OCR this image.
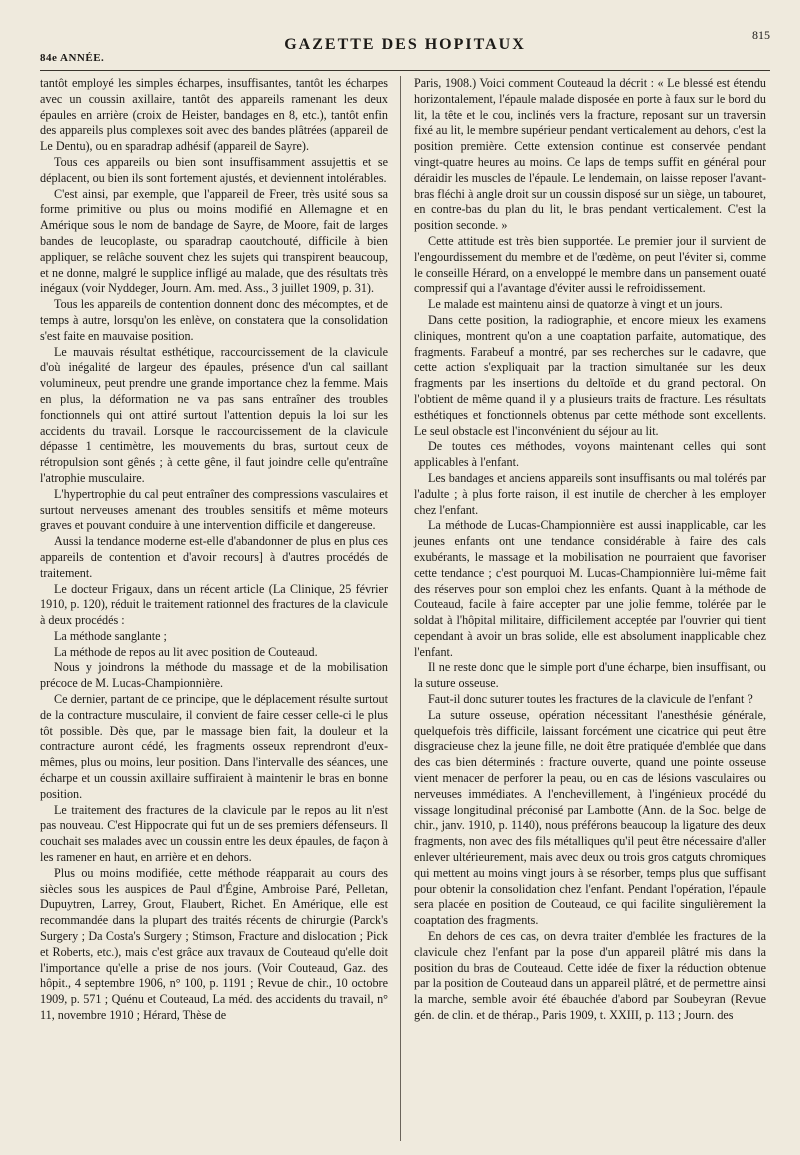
84e ANNÉE.
GAZETTE DES HOPITAUX
815

tantôt employé les simples écharpes, insuffisantes, tantôt les écharpes avec un coussin axillaire, tantôt des appareils ramenant les deux épaules en arrière (croix de Heister, bandages en 8, etc.), tantôt enfin des appareils plus complexes soit avec des bandes plâtrées (appareil de Le Dentu), ou en sparadrap adhésif (appareil de Sayre).

Tous ces appareils ou bien sont insuffisamment assujettis et se déplacent, ou bien ils sont fortement ajustés, et deviennent intolérables.

C'est ainsi, par exemple, que l'appareil de Freer, très usité sous sa forme primitive ou plus ou moins modifié en Allemagne et en Amérique sous le nom de bandage de Sayre, de Moore, fait de larges bandes de leucoplaste, ou sparadrap caoutchouté, difficile à bien appliquer, se relâche souvent chez les sujets qui transpirent beaucoup, et ne donne, malgré le supplice infligé au malade, que des résultats très inégaux (voir Nyddeger, Journ. Am. med. Ass., 3 juillet 1909, p. 31).

Tous les appareils de contention donnent donc des mécomptes, et de temps à autre, lorsqu'on les enlève, on constatera que la consolidation s'est faite en mauvaise position.

Le mauvais résultat esthétique, raccourcissement de la clavicule d'où inégalité de largeur des épaules, présence d'un cal saillant volumineux, peut prendre une grande importance chez la femme. Mais en plus, la déformation ne va pas sans entraîner des troubles fonctionnels qui ont attiré surtout l'attention depuis la loi sur les accidents du travail. Lorsque le raccourcissement de la clavicule dépasse 1 centimètre, les mouvements du bras, surtout ceux de rétropulsion sont gênés ; à cette gêne, il faut joindre celle qu'entraîne l'atrophie musculaire.

L'hypertrophie du cal peut entraîner des compressions vasculaires et surtout nerveuses amenant des troubles sensitifs et même moteurs graves et pouvant conduire à une intervention difficile et dangereuse.

Aussi la tendance moderne est-elle d'abandonner de plus en plus ces appareils de contention et d'avoir recours] à d'autres procédés de traitement.

Le docteur Frigaux, dans un récent article (La Clinique, 25 février 1910, p. 120), réduit le traitement rationnel des fractures de la clavicule à deux procédés :

La méthode sanglante ;

La méthode de repos au lit avec position de Couteaud.

Nous y joindrons la méthode du massage et de la mobilisation précoce de M. Lucas-Championnière.

Ce dernier, partant de ce principe, que le déplacement résulte surtout de la contracture musculaire, il convient de faire cesser celle-ci le plus tôt possible. Dès que, par le massage bien fait, la douleur et la contracture auront cédé, les fragments osseux reprendront d'eux-mêmes, plus ou moins, leur position. Dans l'intervalle des séances, une écharpe et un coussin axillaire suffiraient à maintenir le bras en bonne position.

Le traitement des fractures de la clavicule par le repos au lit n'est pas nouveau. C'est Hippocrate qui fut un de ses premiers défenseurs. Il couchait ses malades avec un coussin entre les deux épaules, de façon à les ramener en haut, en arrière et en dehors.

Plus ou moins modifiée, cette méthode réapparait au cours des siècles sous les auspices de Paul d'Égine, Ambroise Paré, Pelletan, Dupuytren, Larrey, Grout, Flaubert, Richet. En Amérique, elle est recommandée dans la plupart des traités récents de chirurgie (Parck's Surgery ; Da Costa's Surgery ; Stimson, Fracture and dislocation ; Pick et Roberts, etc.), mais c'est grâce aux travaux de Couteaud qu'elle doit l'importance qu'elle a prise de nos jours. (Voir Couteaud, Gaz. des hôpit., 4 septembre 1906, n° 100, p. 1191 ; Revue de chir., 10 octobre 1909, p. 571 ; Quénu et Couteaud, La méd. des accidents du travail, n° 11, novembre 1910 ; Hérard, Thèse de

Paris, 1908.) Voici comment Couteaud la décrit : « Le blessé est étendu horizontalement, l'épaule malade disposée en porte à faux sur le bord du lit, la tête et le cou, inclinés vers la fracture, reposant sur un traversin fixé au lit, le membre supérieur pendant verticalement au dehors, c'est la position première. Cette extension continue est conservée pendant vingt-quatre heures au moins. Ce laps de temps suffit en général pour déraidir les muscles de l'épaule. Le lendemain, on laisse reposer l'avant-bras fléchi à angle droit sur un coussin disposé sur un siège, un tabouret, en contre-bas du plan du lit, le bras pendant verticalement. C'est la position seconde. »

Cette attitude est très bien supportée. Le premier jour il survient de l'engourdissement du membre et de l'œdème, on peut l'éviter si, comme le conseille Hérard, on a enveloppé le membre dans un pansement ouaté compressif qui a l'avantage d'éviter aussi le refroidissement.

Le malade est maintenu ainsi de quatorze à vingt et un jours.

Dans cette position, la radiographie, et encore mieux les examens cliniques, montrent qu'on a une coaptation parfaite, automatique, des fragments. Farabeuf a montré, par ses recherches sur le cadavre, que cette action s'expliquait par la traction simultanée sur les deux fragments par les insertions du deltoïde et du grand pectoral. On l'obtient de même quand il y a plusieurs traits de fracture. Les résultats esthétiques et fonctionnels obtenus par cette méthode sont excellents. Le seul obstacle est l'inconvénient du séjour au lit.

De toutes ces méthodes, voyons maintenant celles qui sont applicables à l'enfant.

Les bandages et anciens appareils sont insuffisants ou mal tolérés par l'adulte ; à plus forte raison, il est inutile de chercher à les employer chez l'enfant.

La méthode de Lucas-Championnière est aussi inapplicable, car les jeunes enfants ont une tendance considérable à faire des cals exubérants, le massage et la mobilisation ne pourraient que favoriser cette tendance ; c'est pourquoi M. Lucas-Championnière lui-même fait des réserves pour son emploi chez les enfants. Quant à la méthode de Couteaud, facile à faire accepter par une jolie femme, tolérée par le soldat à l'hôpital militaire, difficilement acceptée par l'ouvrier qui tient cependant à avoir un bras solide, elle est absolument inapplicable chez l'enfant.

Il ne reste donc que le simple port d'une écharpe, bien insuffisant, ou la suture osseuse.

Faut-il donc suturer toutes les fractures de la clavicule de l'enfant ?

La suture osseuse, opération nécessitant l'anesthésie générale, quelquefois très difficile, laissant forcément une cicatrice qui peut être disgracieuse chez la jeune fille, ne doit être pratiquée d'emblée que dans des cas bien déterminés : fracture ouverte, quand une pointe osseuse vient menacer de perforer la peau, ou en cas de lésions vasculaires ou nerveuses immédiates. A l'enchevillement, à l'ingénieux procédé du vissage longitudinal préconisé par Lambotte (Ann. de la Soc. belge de chir., janv. 1910, p. 1140), nous préférons beaucoup la ligature des deux fragments, non avec des fils métalliques qu'il peut être nécessaire d'aller enlever ultérieurement, mais avec deux ou trois gros catguts chromiques qui mettent au moins vingt jours à se résorber, temps plus que suffisant pour obtenir la consolidation chez l'enfant. Pendant l'opération, l'épaule sera placée en position de Couteaud, ce qui facilite singulièrement la coaptation des fragments.

En dehors de ces cas, on devra traiter d'emblée les fractures de la clavicule chez l'enfant par la pose d'un appareil plâtré mis dans la position du bras de Couteaud. Cette idée de fixer la réduction obtenue par la position de Couteaud dans un appareil plâtré, et de permettre ainsi la marche, semble avoir été ébauchée d'abord par Soubeyran (Revue gén. de clin. et de thérap., Paris 1909, t. XXIII, p. 113 ; Journ. des
